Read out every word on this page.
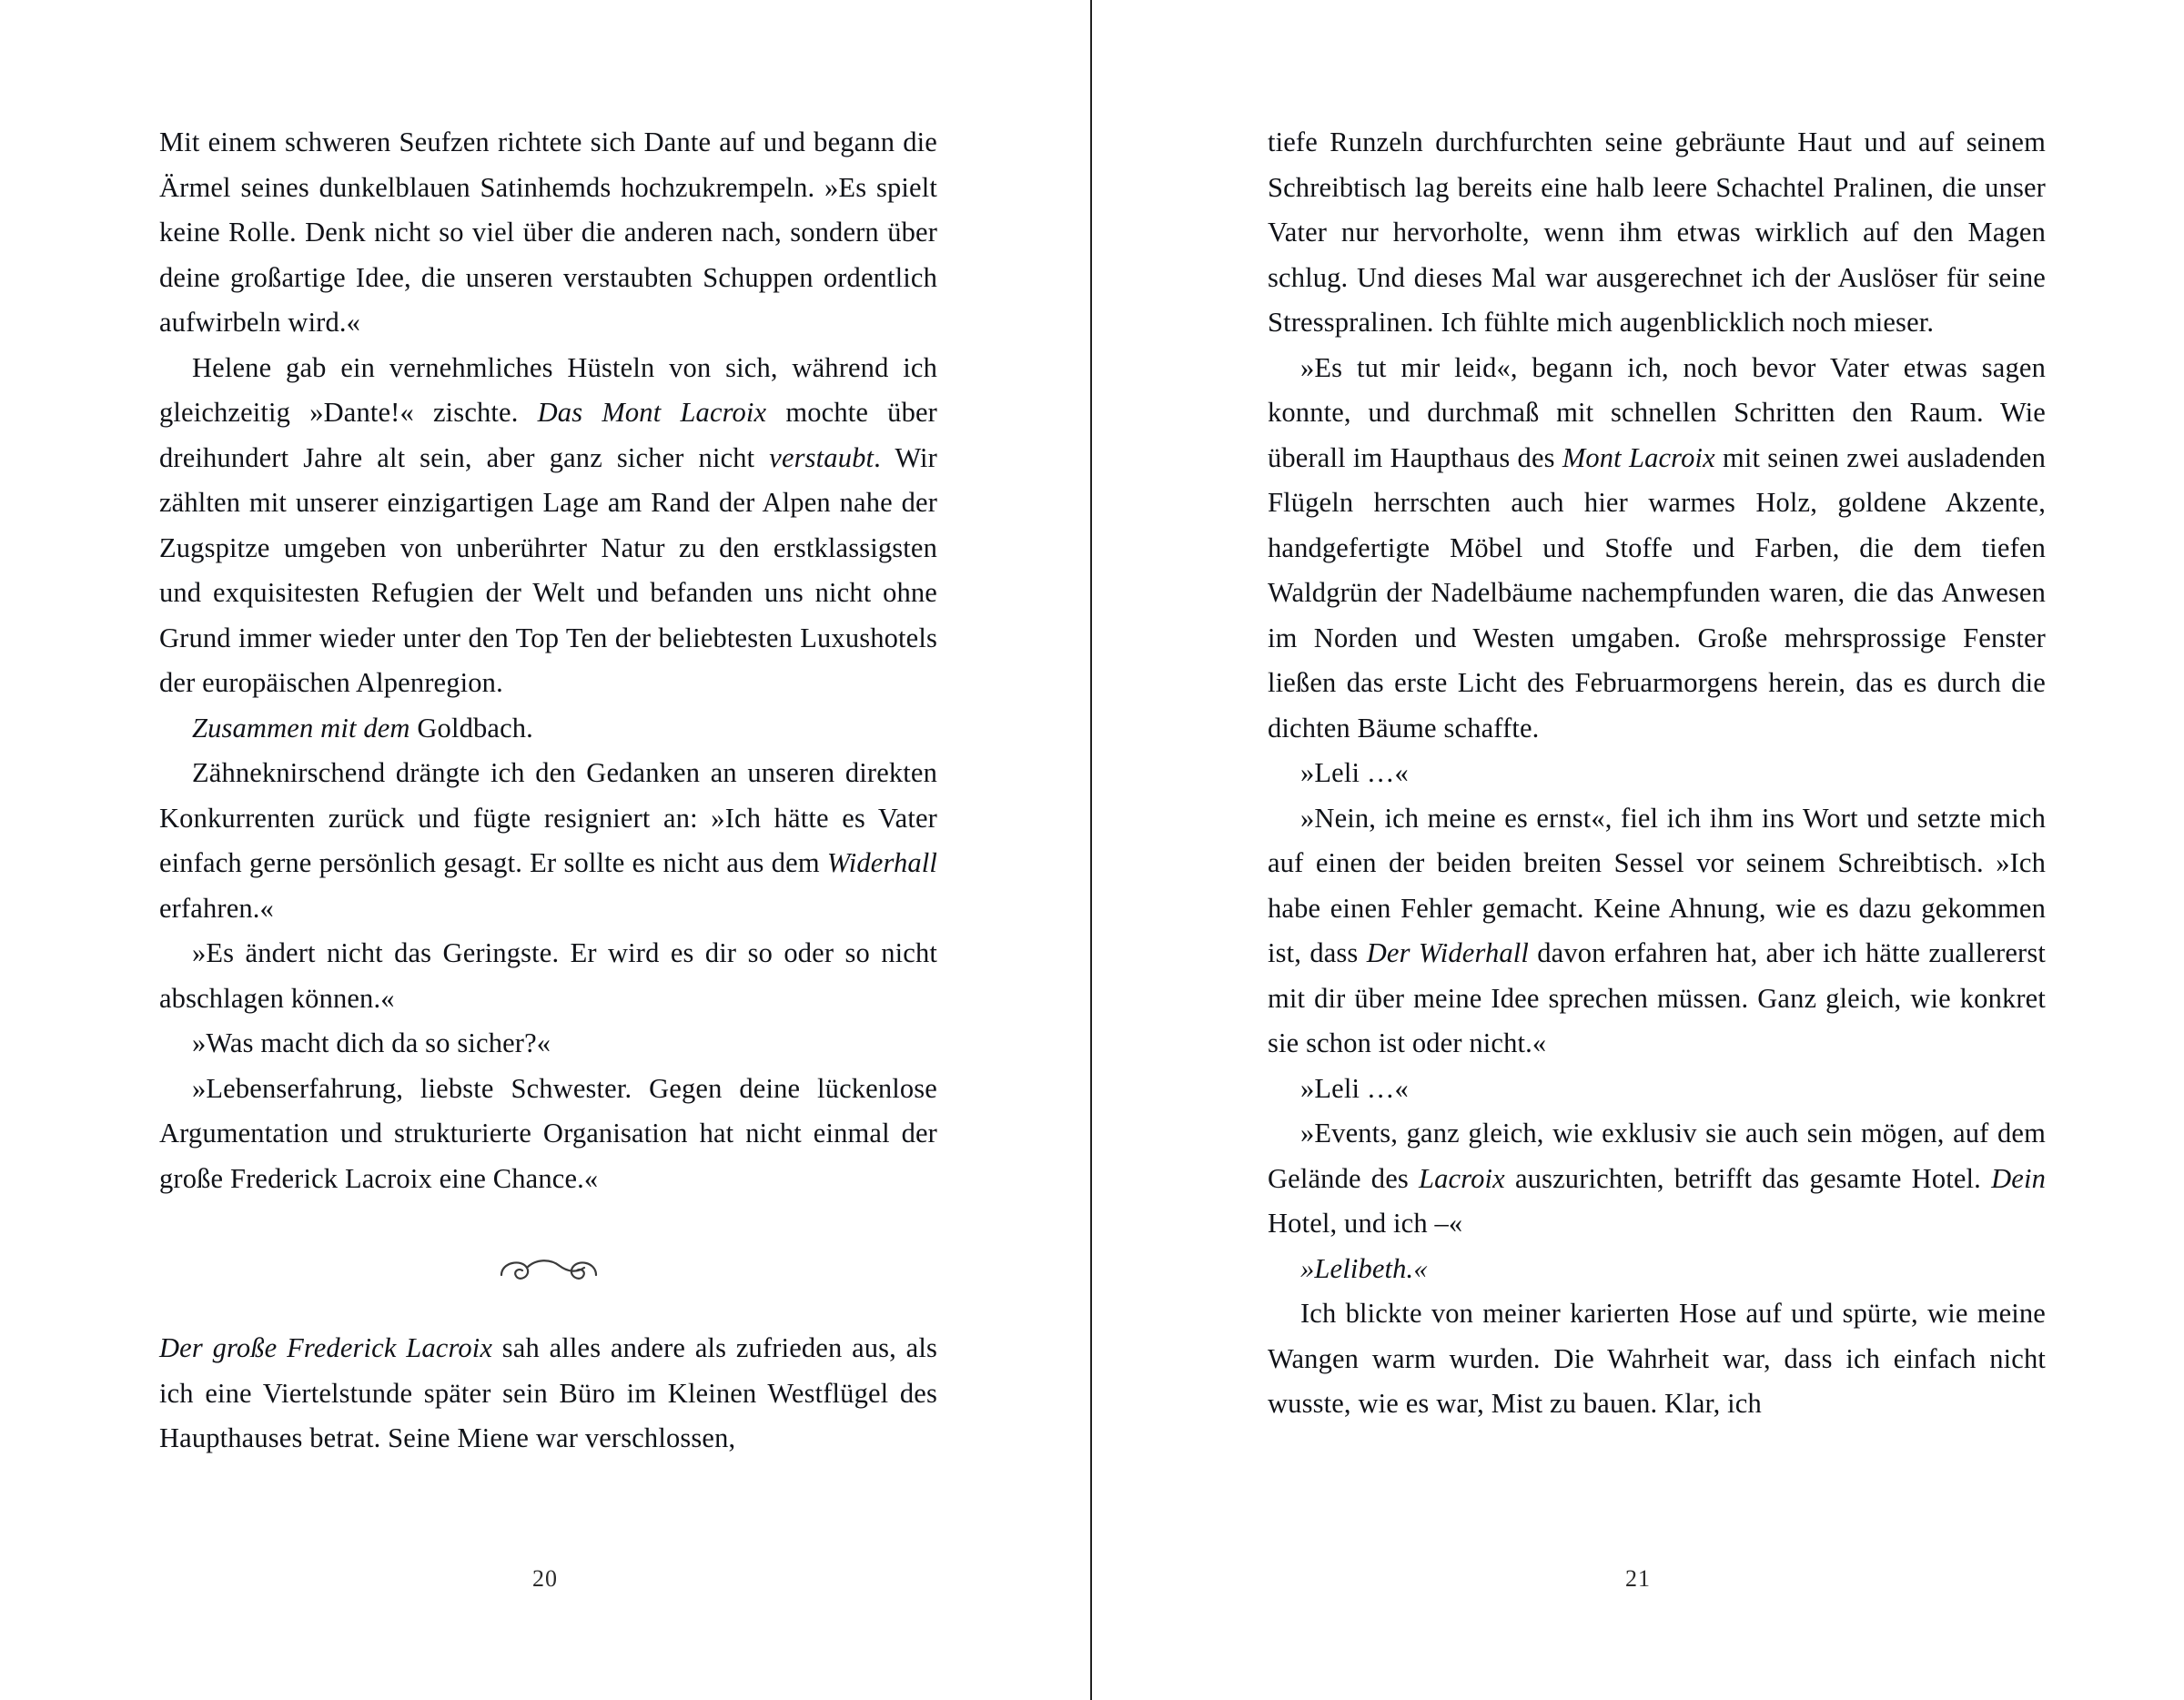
Mit einem schweren Seufzen richtete sich Dante auf und begann die Ärmel seines dunkelblauen Satinhemds hochzukrempeln. »Es spielt keine Rolle. Denk nicht so viel über die anderen nach, sondern über deine großartige Idee, die unseren verstaubten Schuppen ordentlich aufwirbeln wird.«

Helene gab ein vernehmliches Hüsteln von sich, während ich gleichzeitig »Dante!« zischte. Das Mont Lacroix mochte über dreihundert Jahre alt sein, aber ganz sicher nicht verstaubt. Wir zählten mit unserer einzigartigen Lage am Rand der Alpen nahe der Zugspitze umgeben von unberührter Natur zu den erstklassigsten und exquisitesten Refugien der Welt und befanden uns nicht ohne Grund immer wieder unter den Top Ten der beliebtesten Luxushotels der europäischen Alpenregion.

Zusammen mit dem Goldbach.

Zähneknirschend drängte ich den Gedanken an unseren direkten Konkurrenten zurück und fügte resigniert an: »Ich hätte es Vater einfach gerne persönlich gesagt. Er sollte es nicht aus dem Widerhall erfahren.«

»Es ändert nicht das Geringste. Er wird es dir so oder so nicht abschlagen können.«

»Was macht dich da so sicher?«

»Lebenserfahrung, liebste Schwester. Gegen deine lückenlose Argumentation und strukturierte Organisation hat nicht einmal der große Frederick Lacroix eine Chance.«

Der große Frederick Lacroix sah alles andere als zufrieden aus, als ich eine Viertelstunde später sein Büro im Kleinen Westflügel des Haupthauses betrat. Seine Miene war verschlossen,

20

tiefe Runzeln durchfurchten seine gebräunte Haut und auf seinem Schreibtisch lag bereits eine halb leere Schachtel Pralinen, die unser Vater nur hervorholte, wenn ihm etwas wirklich auf den Magen schlug. Und dieses Mal war ausgerechnet ich der Auslöser für seine Stresspralinen. Ich fühlte mich augenblicklich noch mieser.

»Es tut mir leid«, begann ich, noch bevor Vater etwas sagen konnte, und durchmaß mit schnellen Schritten den Raum. Wie überall im Haupthaus des Mont Lacroix mit seinen zwei ausladenden Flügeln herrschten auch hier warmes Holz, goldene Akzente, handgefertigte Möbel und Stoffe und Farben, die dem tiefen Waldgrün der Nadelbäume nachempfunden waren, die das Anwesen im Norden und Westen umgaben. Große mehrsprossige Fenster ließen das erste Licht des Februarmorgens herein, das es durch die dichten Bäume schaffte.

»Leli …«

»Nein, ich meine es ernst«, fiel ich ihm ins Wort und setzte mich auf einen der beiden breiten Sessel vor seinem Schreibtisch. »Ich habe einen Fehler gemacht. Keine Ahnung, wie es dazu gekommen ist, dass Der Widerhall davon erfahren hat, aber ich hätte zuallererst mit dir über meine Idee sprechen müssen. Ganz gleich, wie konkret sie schon ist oder nicht.«

»Leli …«

»Events, ganz gleich, wie exklusiv sie auch sein mögen, auf dem Gelände des Lacroix auszurichten, betrifft das gesamte Hotel. Dein Hotel, und ich –«

»Lelibeth.«

Ich blickte von meiner karierten Hose auf und spürte, wie meine Wangen warm wurden. Die Wahrheit war, dass ich einfach nicht wusste, wie es war, Mist zu bauen. Klar, ich

21
